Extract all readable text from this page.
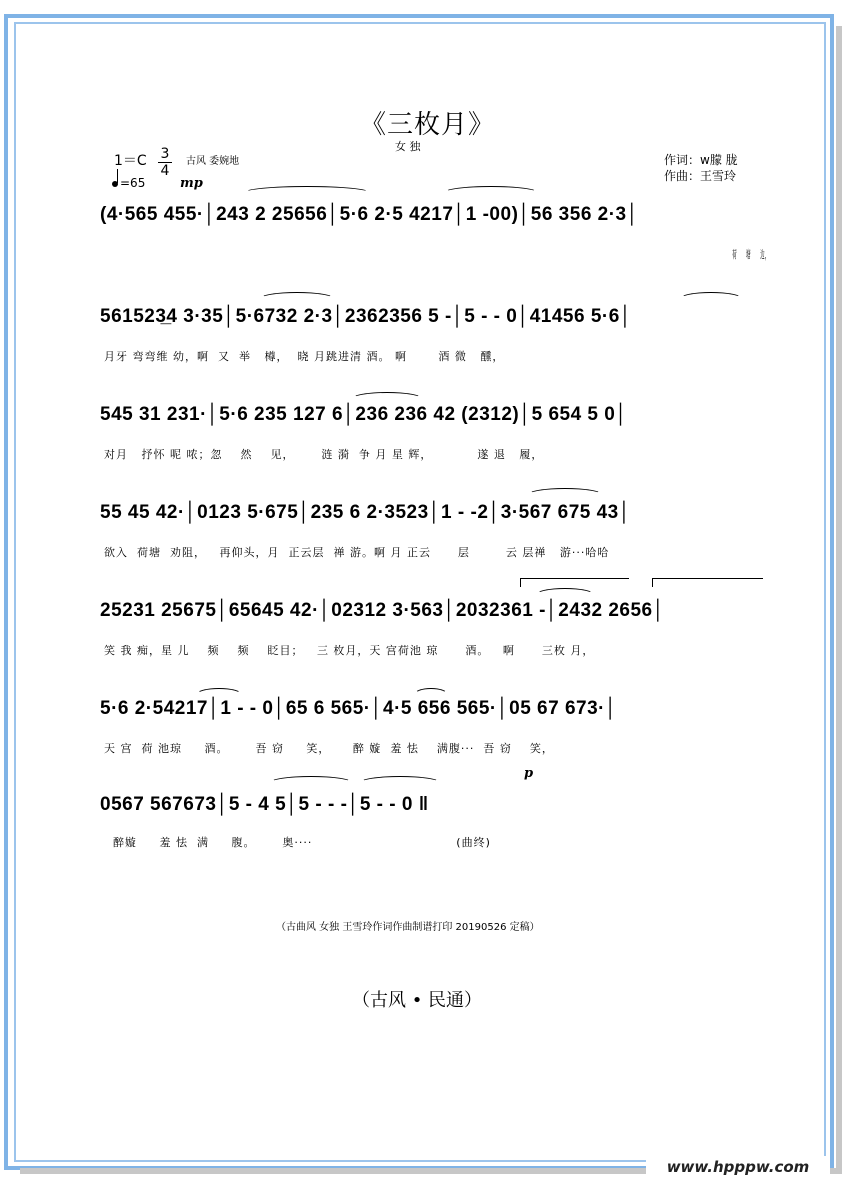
《三枚月》
女 独
1＝C 3
4
古风 委婉地
=65	mp
作词：w朦 胧
作曲：王雪玲
(4·565 455·│243 2 25656│5·6 2·5 4217│1 -00)│56 356 2·3│
荷     塘     边，
561523̲4 3·35│5·6732 2·3│2362356 5 -│5 - - 0│41456 5·6│
月牙 弯弯维 幼，啊  又  举   樽，  晓 月跳进清 酒。 啊       酒 微   醺，
545 31 231·│5·6 235 127 6│236 236 42 (2312)│5 654 5 0│
对月   抒怀 呢 哝；忽    然    见，      涟 漪  争 月 星 辉，          遂 退   履，
55 45 42·│0123 5·675│235 6 2·3523│1 - -2│3·567 675 43│
欲入  荷塘  劝阻，   再仰头，月  正云层  禅 游。啊 月 正云      层        云 层禅   游···哈哈
25231 25675│65645 42·│02312 3·563│2032361 -│2432 2656│
笑 我 痴，星 儿    频    频    眨目；   三 枚月，天 宫荷池 琼      酒。   啊      三枚 月，
5·6 2·54217│1 - - 0│65 6 565·│4·5 656 565·│05 67 673·│
天 宫  荷 池琼     酒。      吾 窃     笑，     醉 嫙  羞 怯    满腹···  吾 窃    笑，
p
0567 567673│5 - 4 5│5 - - -│5 - - 0 ‖
醉嫙     羞 怯  满     腹。      奥····                                (曲终)
（古曲风 女独 王雪玲作词作曲制谱打印 20190526 定稿）
（古风 • 民通）
www.hpppw.com
